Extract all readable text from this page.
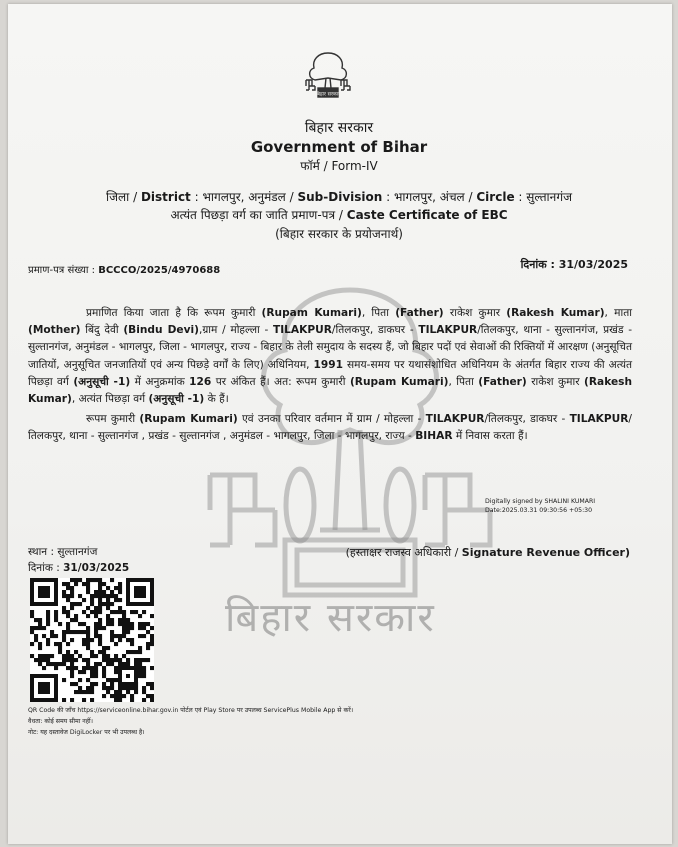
बिहार सरकार
बिहार सरकार
बिहार सरकार
Government of Bihar
फॉर्म / Form-IV
जिला / District : भागलपुर, अनुमंडल / Sub-Division : भागलपुर, अंचल / Circle : सुल्तानगंज
अत्यंत पिछड़ा वर्ग का जाति प्रमाण-पत्र / Caste Certificate of EBC
(बिहार सरकार के प्रयोजनार्थ)
प्रमाण-पत्र संख्या : BCCCO/2025/4970688	दिनांक : 31/03/2025
प्रमाणित किया जाता है कि रूपम कुमारी (Rupam Kumari), पिता (Father) राकेश कुमार (Rakesh Kumar), माता (Mother) बिंदु देवी (Bindu Devi),ग्राम / मोहल्ला - TILAKPUR/तिलकपुर, डाकघर - TILAKPUR/तिलकपुर, थाना - सुल्तानगंज, प्रखंड - सुल्तानगंज, अनुमंडल - भागलपुर, जिला - भागलपुर, राज्य - बिहार के तेली समुदाय के सदस्य हैं, जो बिहार पदों एवं सेवाओं की रिक्तियों में आरक्षण (अनुसूचित जातियों, अनुसूचित जनजातियों एवं अन्य पिछड़े वर्गों के लिए) अधिनियम, 1991 समय-समय पर यथासंशोधित अधिनियम के अंतर्गत बिहार राज्य की अत्यंत पिछड़ा वर्ग (अनुसूची -1) में अनुक्रमांक 126 पर अंकित हैं। अत: रूपम कुमारी (Rupam Kumari), पिता (Father) राकेश कुमार (Rakesh Kumar), अत्यंत पिछड़ा वर्ग (अनुसूची -1) के हैं।
रूपम कुमारी (Rupam Kumari) एवं उनका परिवार वर्तमान में ग्राम / मोहल्ला - TILAKPUR/तिलकपुर, डाकघर - TILAKPUR/तिलकपुर, थाना - सुल्तानगंज , प्रखंड - सुल्तानगंज , अनुमंडल - भागलपुर, जिला - भागलपुर, राज्य - BIHAR में निवास करता हैं।
Digitally signed by SHALINI KUMARI
Date:2025.03.31 09:30:56 +05:30
स्थान : सुल्तानगंज
दिनांक : 31/03/2025
(हस्ताक्षर राजस्व अधिकारी / Signature Revenue Officer)
QR Code की जाँच https://serviceonline.bihar.gov.in पोर्टल एवं Play Store पर उपलब्ध ServicePlus Mobile App से करें।
वैधता: कोई समय सीमा नहीं।
नोट: यह दस्तावेज DigiLocker पर भी उपलब्ध है।
